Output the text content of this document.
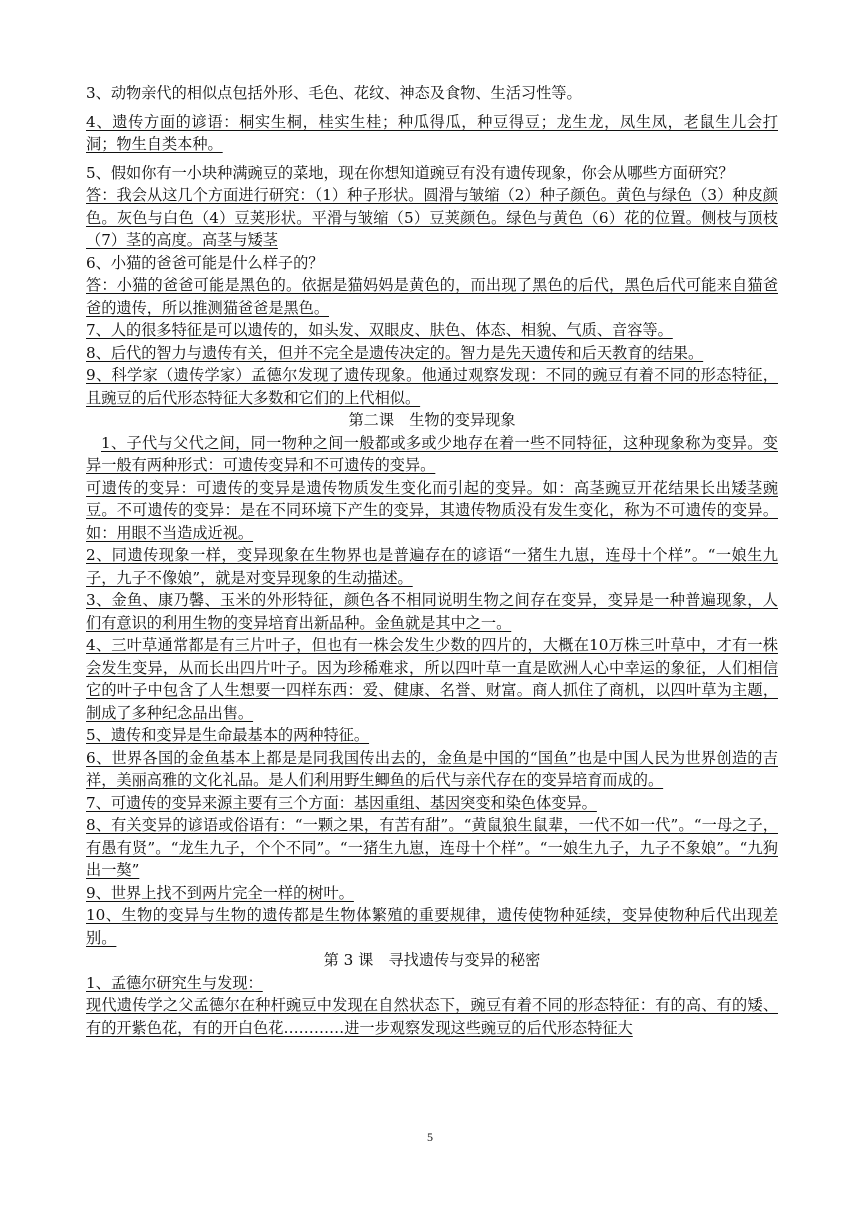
3、动物亲代的相似点包括外形、毛色、花纹、神态及食物、生活习性等。

4、遗传方面的谚语：桐实生桐，桂实生桂；种瓜得瓜，种豆得豆；龙生龙，凤生凤，老鼠生儿会打洞；物生自类本种。

5、假如你有一小块种满豌豆的菜地，现在你想知道豌豆有没有遗传现象，你会从哪些方面研究？

答：我会从这几个方面进行研究：（1）种子形状。圆滑与皱缩（2）种子颜色。黄色与绿色（3）种皮颜色。灰色与白色（4）豆荚形状。平滑与皱缩（5）豆荚颜色。绿色与黄色（6）花的位置。侧枝与顶枝（7）茎的高度。高茎与矮茎

6、小猫的爸爸可能是什么样子的？

答：小猫的爸爸可能是黑色的。依据是猫妈妈是黄色的，而出现了黑色的后代，黑色后代可能来自猫爸爸的遗传，所以推测猫爸爸是黑色。

7、人的很多特征是可以遗传的，如头发、双眼皮、肤色、体态、相貌、气质、音容等。

8、后代的智力与遗传有关，但并不完全是遗传决定的。智力是先天遗传和后天教育的结果。

9、科学家（遗传学家）孟德尔发现了遗传现象。他通过观察发现：不同的豌豆有着不同的形态特征，且豌豆的后代形态特征大多数和它们的上代相似。

第二课　生物的变异现象

1、子代与父代之间，同一物种之间一般都或多或少地存在着一些不同特征，这种现象称为变异。变异一般有两种形式：可遗传变异和不可遗传的变异。

可遗传的变异：可遗传的变异是遗传物质发生变化而引起的变异。如：高茎豌豆开花结果长出矮茎豌豆。不可遗传的变异：是在不同环境下产生的变异，其遗传物质没有发生变化，称为不可遗传的变异。如：用眼不当造成近视。

2、同遗传现象一样，变异现象在生物界也是普遍存在的谚语“一猪生九崽，连母十个样”。“一娘生九子，九子不像娘”，就是对变异现象的生动描述。

3、金鱼、康乃馨、玉米的外形特征，颜色各不相同说明生物之间存在变异，变异是一种普遍现象，人们有意识的利用生物的变异培育出新品种。金鱼就是其中之一。

4、三叶草通常都是有三片叶子，但也有一株会发生少数的四片的，大概在10万株三叶草中，才有一株会发生变异，从而长出四片叶子。因为珍稀难求，所以四叶草一直是欧洲人心中幸运的象征，人们相信它的叶子中包含了人生想要一四样东西：爱、健康、名誉、财富。商人抓住了商机，以四叶草为主题，制成了多种纪念品出售。

5、遗传和变异是生命最基本的两种特征。

6、世界各国的金鱼基本上都是是同我国传出去的，金鱼是中国的“国鱼”也是中国人民为世界创造的吉祥，美丽高雅的文化礼品。是人们利用野生鲫鱼的后代与亲代存在的变异培育而成的。

7、可遗传的变异来源主要有三个方面：基因重组、基因突变和染色体变异。

8、有关变异的谚语或俗语有：“一颗之果，有苦有甜”。“黄鼠狼生鼠辈，一代不如一代”。“一母之子，有愚有贤”。“龙生九子，个个不同”。“一猪生九崽，连母十个样”。“一娘生九子，九子不象娘”。“九狗出一獒”

9、世界上找不到两片完全一样的树叶。

10、生物的变异与生物的遗传都是生物体繁殖的重要规律，遗传使物种延续，变异使物种后代出现差别。

第 3 课　寻找遗传与变异的秘密

1、孟德尔研究生与发现：

现代遗传学之父孟德尔在种杆豌豆中发现在自然状态下，豌豆有着不同的形态特征：有的高、有的矮、有的开紫色花，有的开白色花…………进一步观察发现这些豌豆的后代形态特征大

5
